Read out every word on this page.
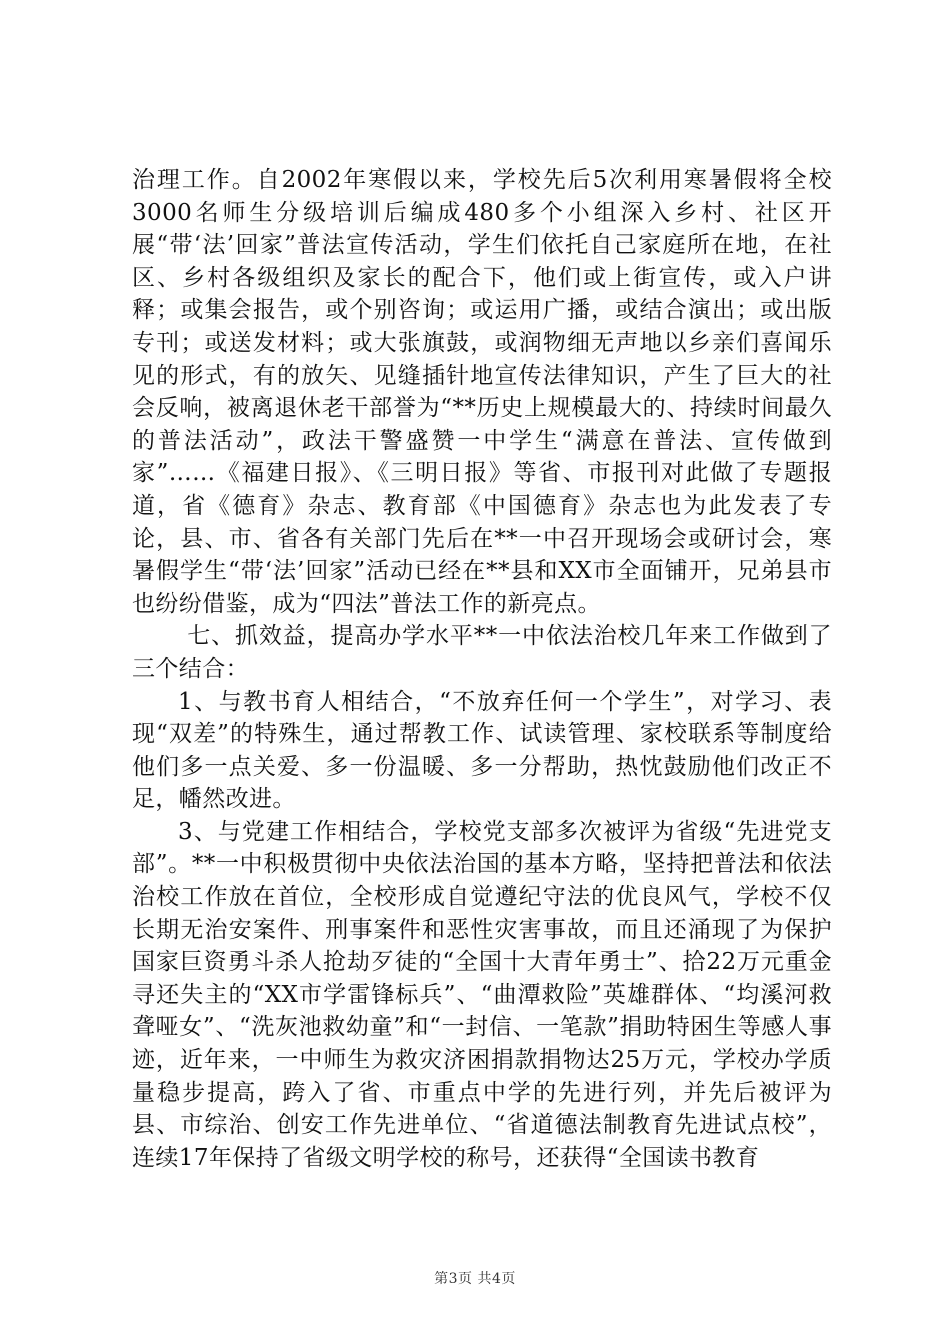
治理工作。自2002年寒假以来，学校先后5次利用寒暑假将全校3000名师生分级培训后编成480多个小组深入乡村、社区开展“带‘法’回家”普法宣传活动，学生们依托自己家庭所在地，在社区、乡村各级组织及家长的配合下，他们或上街宣传，或入户讲释；或集会报告，或个别咨询；或运用广播，或结合演出；或出版专刊；或送发材料；或大张旗鼓，或润物细无声地以乡亲们喜闻乐见的形式，有的放矢、见缝插针地宣传法律知识，产生了巨大的社会反响，被离退休老干部誉为“**历史上规模最大的、持续时间最久的普法活动”，政法干警盛赞一中学生“满意在普法、宣传做到家”……《福建日报》、《三明日报》等省、市报刊对此做了专题报道，省《德育》杂志、教育部《中国德育》杂志也为此发表了专论，县、市、省各有关部门先后在**一中召开现场会或研讨会，寒暑假学生“带‘法’回家”活动已经在**县和XX市全面铺开，兄弟县市也纷纷借鉴，成为“四法”普法工作的新亮点。

七、抓效益，提高办学水平**一中依法治校几年来工作做到了三个结合：

1、与教书育人相结合，“不放弃任何一个学生”，对学习、表现“双差”的特殊生，通过帮教工作、试读管理、家校联系等制度给他们多一点关爱、多一份温暖、多一分帮助，热忱鼓励他们改正不足，幡然改进。

3、与党建工作相结合，学校党支部多次被评为省级“先进党支部”。**一中积极贯彻中央依法治国的基本方略，坚持把普法和依法治校工作放在首位，全校形成自觉遵纪守法的优良风气，学校不仅长期无治安案件、刑事案件和恶性灾害事故，而且还涌现了为保护国家巨资勇斗杀人抢劫歹徒的“全国十大青年勇士”、拾22万元重金寻还失主的“XX市学雷锋标兵”、“曲潭救险”英雄群体、“均溪河救聋哑女”、“洗灰池救幼童”和“一封信、一笔款”捐助特困生等感人事迹，近年来，一中师生为救灾济困捐款捐物达25万元，学校办学质量稳步提高，跨入了省、市重点中学的先进行列，并先后被评为县、市综治、创安工作先进单位、“省道德法制教育先进试点校”，连续17年保持了省级文明学校的称号，还获得“全国读书教育

第3页 共4页
